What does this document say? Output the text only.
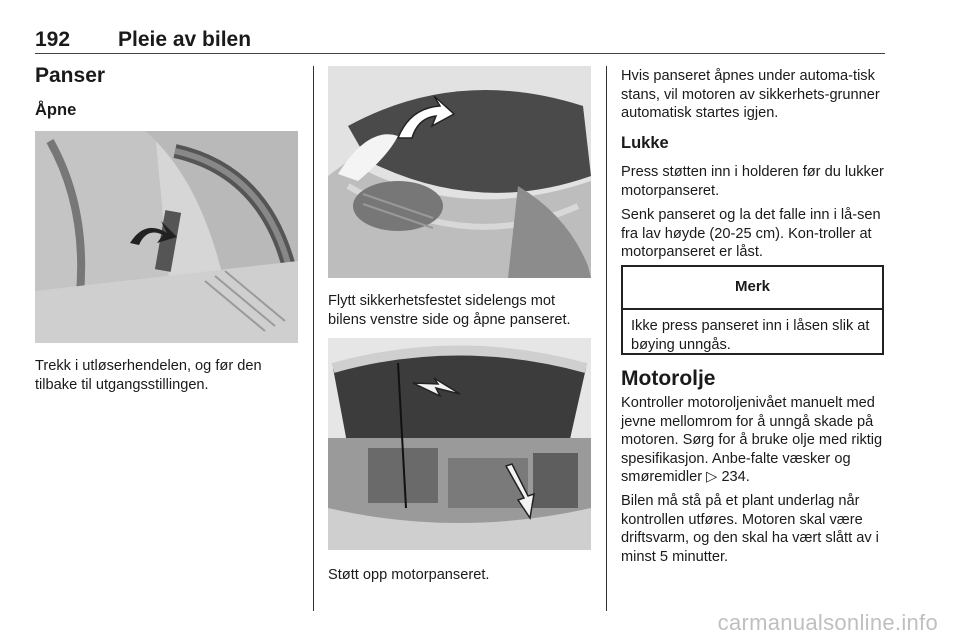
192 Pleie av bilen
Panser
Åpne

Trekk i utløserhendelen, og før den tilbake til utgangsstillingen.

Flytt sikkerhetsfestet sidelengs mot bilens venstre side og åpne panseret.

Støtt opp motorpanseret.

Hvis panseret åpnes under automa-tisk stans, vil motoren av sikkerhets-grunner automatisk startes igjen.

Lukke

Press støtten inn i holderen før du lukker motorpanseret.

Senk panseret og la det falle inn i lå-sen fra lav høyde (20-25 cm). Kon-troller at motorpanseret er låst.

Merk
Ikke press panseret inn i låsen slik at bøying unngås.
Motorolje

Kontroller motoroljenivået manuelt med jevne mellomrom for å unngå skade på motoren. Sørg for å bruke olje med riktig spesifikasjon. Anbe-falte væsker og smøremidler ▷ 234.

Bilen må stå på et plant underlag når kontrollen utføres. Motoren skal være driftsvarm, og den skal ha vært slått av i minst 5 minutter.

carmanualsonline.info
